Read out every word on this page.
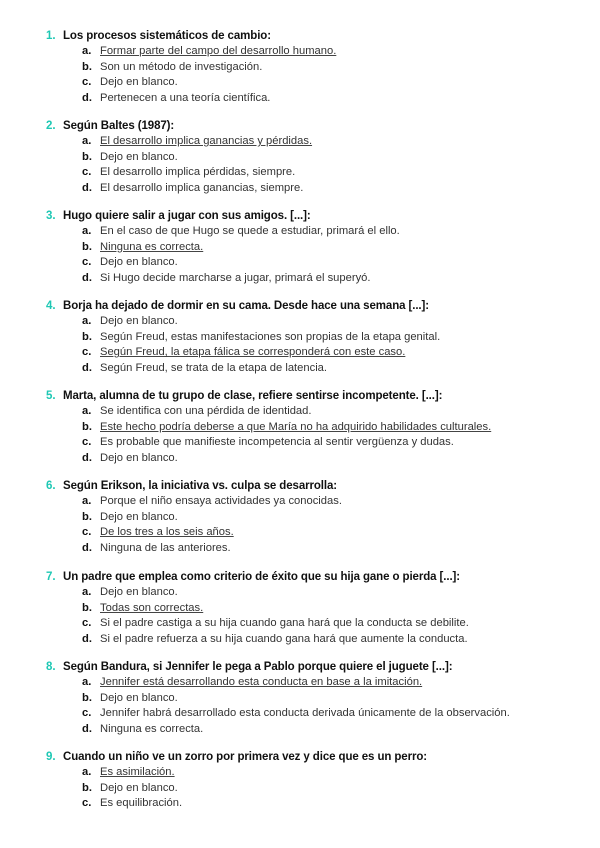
1. Los procesos sistemáticos de cambio:
a. Formar parte del campo del desarrollo humano.
b. Son un método de investigación.
c. Dejo en blanco.
d. Pertenecen a una teoría científica.
2. Según Baltes (1987):
a. El desarrollo implica ganancias y pérdidas.
b. Dejo en blanco.
c. El desarrollo implica pérdidas, siempre.
d. El desarrollo implica ganancias, siempre.
3. Hugo quiere salir a jugar con sus amigos. [...]:
a. En el caso de que Hugo se quede a estudiar, primará el ello.
b. Ninguna es correcta.
c. Dejo en blanco.
d. Si Hugo decide marcharse a jugar, primará el superyó.
4. Borja ha dejado de dormir en su cama. Desde hace una semana [...]:
a. Dejo en blanco.
b. Según Freud, estas manifestaciones son propias de la etapa genital.
c. Según Freud, la etapa fálica se corresponderá con este caso.
d. Según Freud, se trata de la etapa de latencia.
5. Marta, alumna de tu grupo de clase, refiere sentirse incompetente. [...]:
a. Se identifica con una pérdida de identidad.
b. Este hecho podría deberse a que María no ha adquirido habilidades culturales.
c. Es probable que manifieste incompetencia al sentir vergüenza y dudas.
d. Dejo en blanco.
6. Según Erikson, la iniciativa vs. culpa se desarrolla:
a. Porque el niño ensaya actividades ya conocidas.
b. Dejo en blanco.
c. De los tres a los seis años.
d. Ninguna de las anteriores.
7. Un padre que emplea como criterio de éxito que su hija gane o pierda [...]:
a. Dejo en blanco.
b. Todas son correctas.
c. Si el padre castiga a su hija cuando gana hará que la conducta se debilite.
d. Si el padre refuerza a su hija cuando gana hará que aumente la conducta.
8. Según Bandura, si Jennifer le pega a Pablo porque quiere el juguete [...]:
a. Jennifer está desarrollando esta conducta en base a la imitación.
b. Dejo en blanco.
c. Jennifer habrá desarrollado esta conducta derivada únicamente de la observación.
d. Ninguna es correcta.
9. Cuando un niño ve un zorro por primera vez y dice que es un perro:
a. Es asimilación.
b. Dejo en blanco.
c. Es equilibración.
